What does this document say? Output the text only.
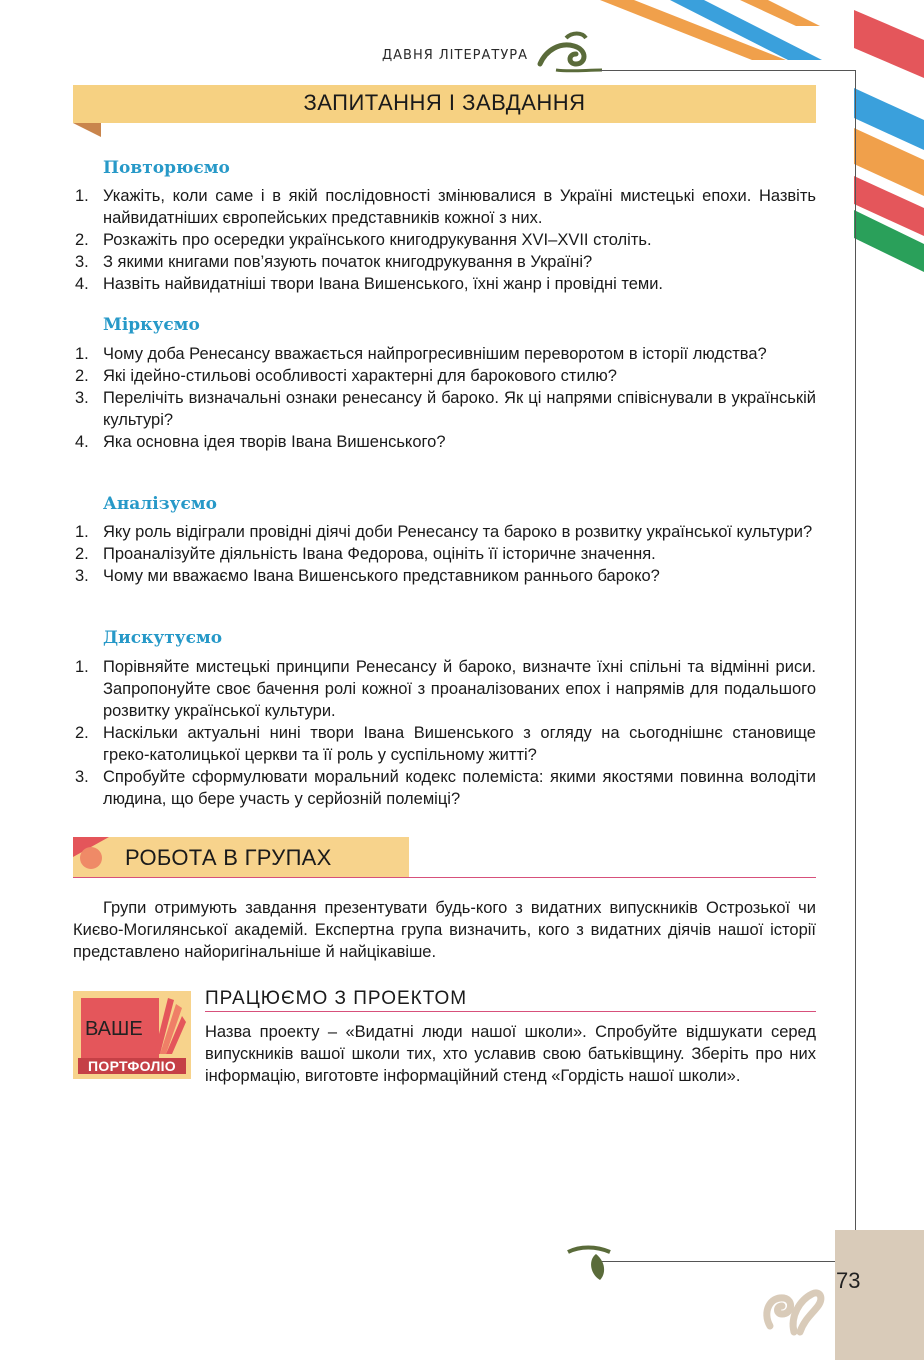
ДАВНЯ ЛІТЕРАТУРА
ЗАПИТАННЯ І ЗАВДАННЯ
Повторюємо
1. Укажіть, коли саме і в якій послідовності змінювалися в Україні мистецькі епохи. Назвіть найвидатніших європейських представників кожної з них.
2. Розкажіть про осередки українського книгодрукування XVI–XVII століть.
3. З якими книгами пов’язують початок книгодрукування в Україні?
4. Назвіть найвидатніші твори Івана Вишенського, їхні жанр і провідні теми.
Міркуємо
1. Чому доба Ренесансу вважається найпрогресивнішим переворотом в історії людства?
2. Які ідейно-стильові особливості характерні для барокового стилю?
3. Перелічіть визначальні ознаки ренесансу й бароко. Як ці напрями співіснували в українській культурі?
4. Яка основна ідея творів Івана Вишенського?
Аналізуємо
1. Яку роль відіграли провідні діячі доби Ренесансу та бароко в розвитку української культури?
2. Проаналізуйте діяльність Івана Федорова, оцініть її історичне значення.
3. Чому ми вважаємо Івана Вишенського представником раннього бароко?
Дискутуємо
1. Порівняйте мистецькі принципи Ренесансу й бароко, визначте їхні спільні та відмінні риси. Запропонуйте своє бачення ролі кожної з проаналізованих епох і напрямів для подальшого розвитку української культури.
2. Наскільки актуальні нині твори Івана Вишенського з огляду на сьогоднішнє становище греко-католицької церкви та її роль у суспільному житті?
3. Спробуйте сформулювати моральний кодекс полеміста: якими якостями повинна володіти людина, що бере участь у серйозній полеміці?
РОБОТА В ГРУПАХ
Групи отримують завдання презентувати будь-кого з видатних випускників Острозької чи Києво-Могилянської академій. Експертна група визначить, кого з видатних діячів нашої історії представлено найоригінальніше й найцікавіше.
ВАШЕ
ПОРТФОЛІО
ПРАЦЮЄМО З ПРОЕКТОМ
Назва проекту – «Видатні люди нашої школи». Спробуйте відшукати серед випускників вашої школи тих, хто уславив свою батьківщину. Зберіть про них інформацію, виготовте інформаційний стенд «Гордість нашої школи».
73
